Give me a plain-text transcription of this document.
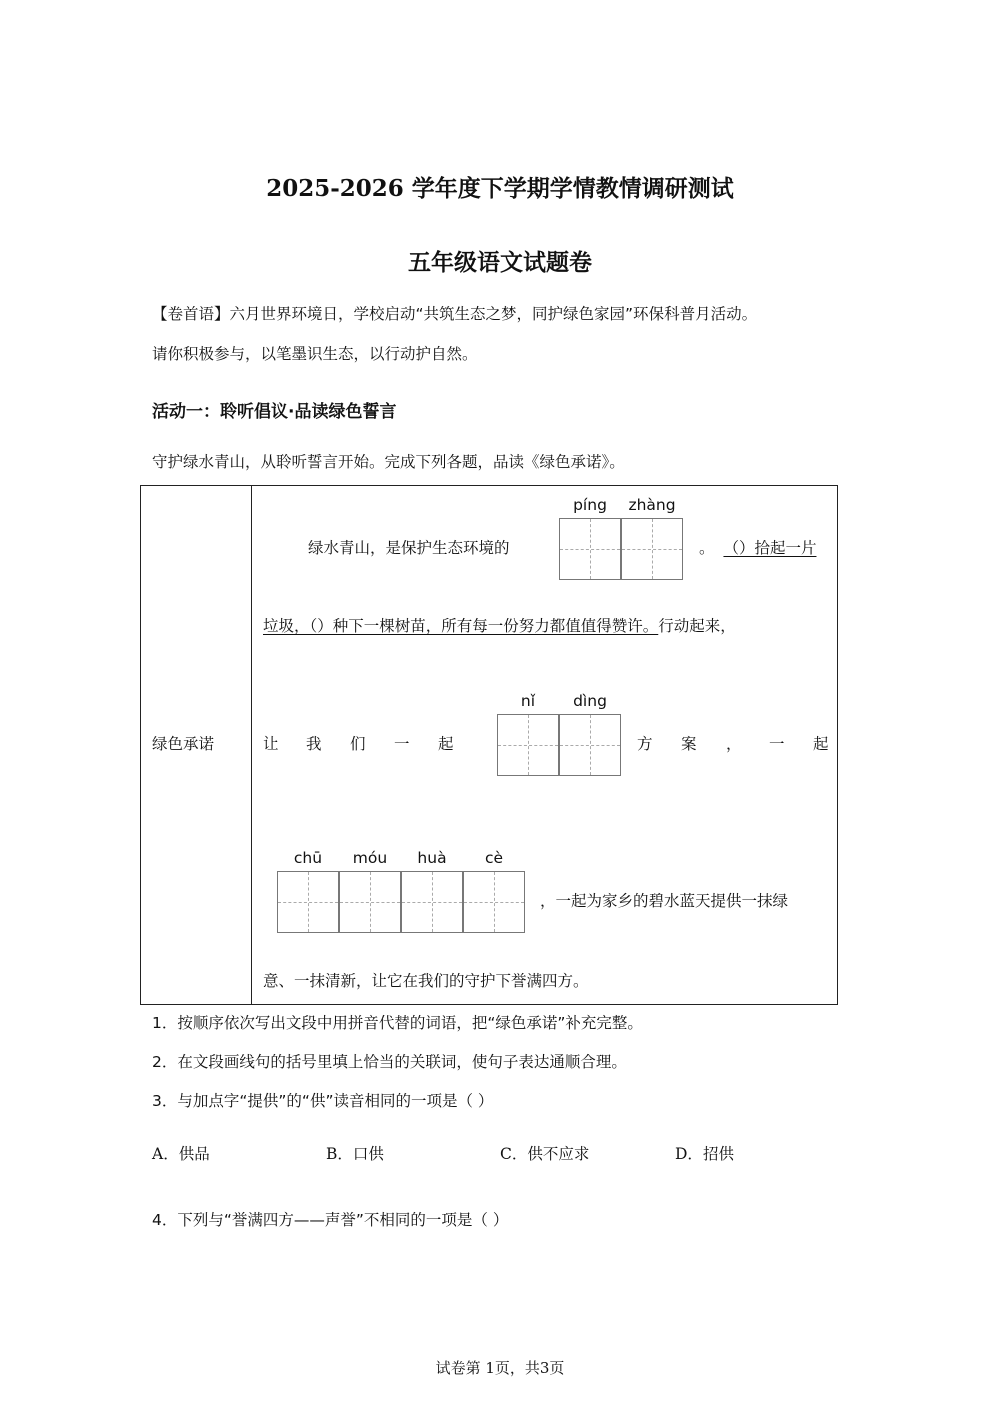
2025-2026 学年度下学期学情教情调研测试
五年级语文试题卷
【卷首语】六月世界环境日，学校启动“共筑生态之梦，同护绿色家园”环保科普月活动。
请你积极参与，以笔墨识生态，以行动护自然。
活动一：聆听倡议·品读绿色誓言
守护绿水青山，从聆听誓言开始。完成下列各题，品读《绿色承诺》。
绿色承诺
绿水青山，是保护生态环境的
píng	zhàng
。 （）拾起一片
垃圾，（）种下一棵树苗，所有每一份努力都值值得赞许。行动起来，
让 我 们 一 起
nǐ	dìng
方 案 ， 一 起
chū	móu	huà	cè
，一起为家乡的碧水蓝天提供一抹绿
意、一抹清新，让它在我们的守护下誉满四方。
1．按顺序依次写出文段中用拼音代替的词语，把“绿色承诺”补充完整。
2．在文段画线句的括号里填上恰当的关联词，使句子表达通顺合理。
3．与加点字“提供”的“供”读音相同的一项是（ ）
A．供品	B．口供	C．供不应求	D．招供
4．下列与“誉满四方——声誉”不相同的一项是（ ）
试卷第 1页，共3页
